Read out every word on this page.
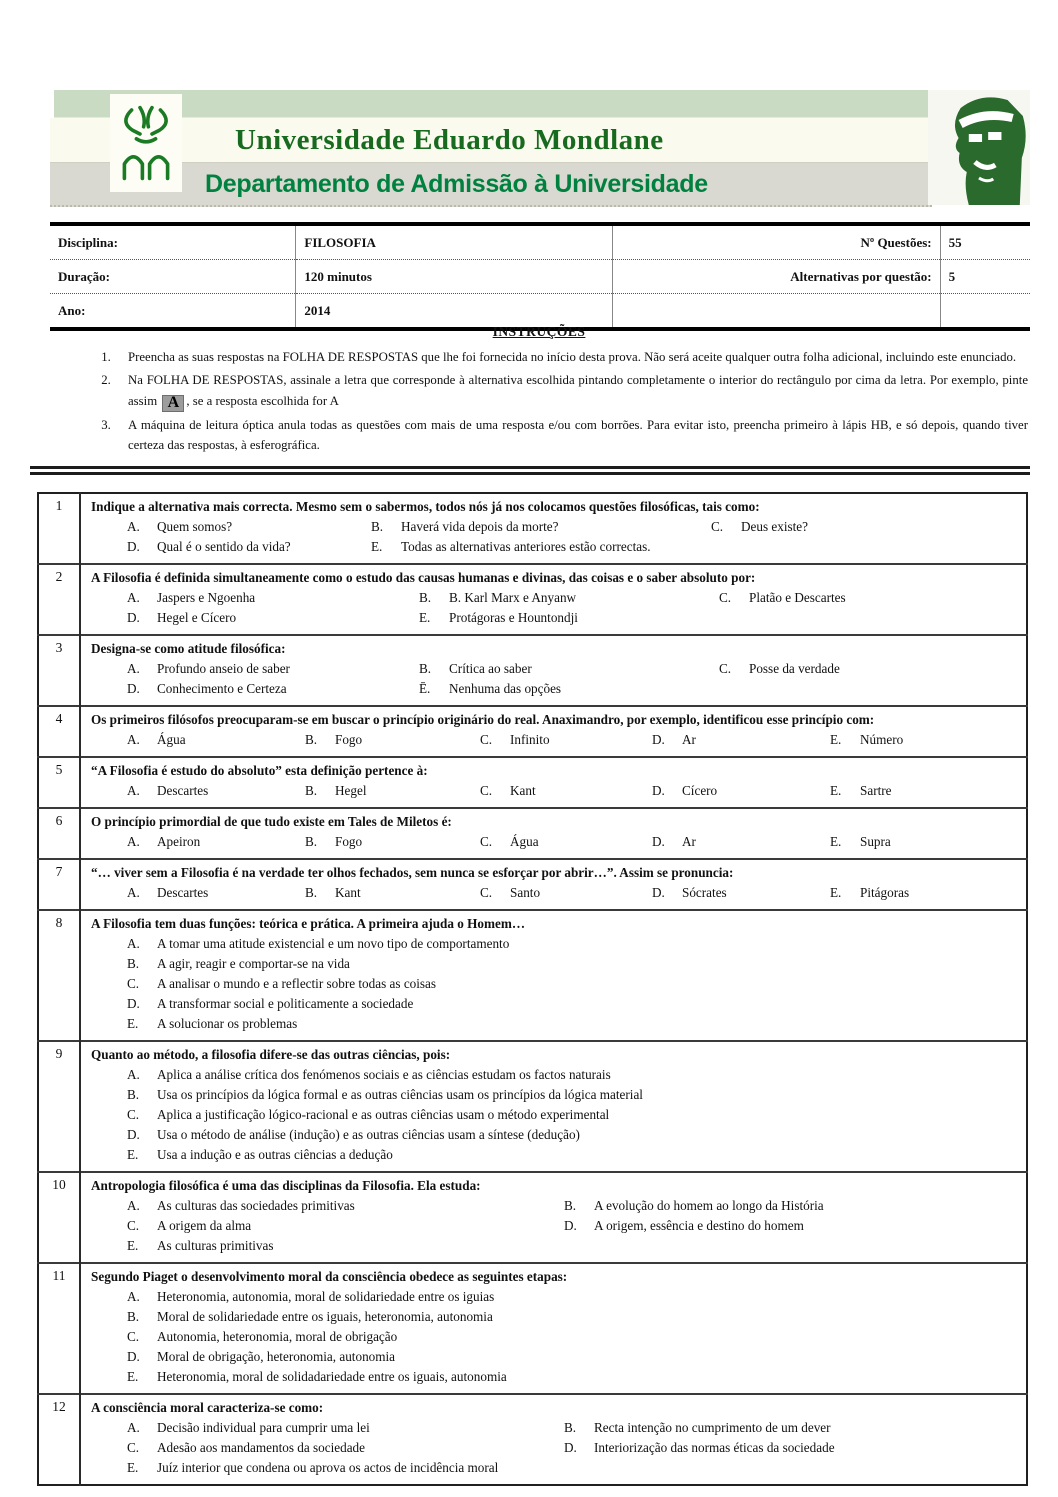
Universidade Eduardo Mondlane
Departamento de Admissão à Universidade
Disciplina:	FILOSOFIA	Nº Questões:	55
Duração:	120 minutos	Alternativas por questão:	5
Ano:	2014		
INSTRUÇÕES
1. Preencha as suas respostas na FOLHA DE RESPOSTAS que lhe foi fornecida no início desta prova. Não será aceite qualquer outra folha adicional, incluindo este enunciado.
2. Na FOLHA DE RESPOSTAS, assinale a letra que corresponde à alternativa escolhida pintando completamente o interior do rectângulo por cima da letra. Por exemplo, pinte assim A , se a resposta escolhida for A
3. A máquina de leitura óptica anula todas as questões com mais de uma resposta e/ou com borrões. Para evitar isto, preencha primeiro à lápis HB, e só depois, quando tiver certeza das respostas, à esferográfica.
1	Indique a alternativa mais correcta. Mesmo sem o sabermos, todos nós já nos colocamos questões filosóficas, tais como:
A. Quem somos?	B. Haverá vida depois da morte?	C. Deus existe?
D. Qual é o sentido da vida?	E. Todas as alternativas anteriores estão correctas.

2	A Filosofia é definida simultaneamente como o estudo das causas humanas e divinas, das coisas e o saber absoluto por:
A. Jaspers e Ngoenha	B. B. Karl Marx e Anyanw	C. Platão e Descartes
D. Hegel e Cícero	E. Protágoras e Hountondji

3	Designa-se como atitude filosófica:
A. Profundo anseio de saber	B. Crítica ao saber	C. Posse da verdade
D. Conhecimento e Certeza	Ē. Nenhuma das opções

4	Os primeiros filósofos preocuparam-se em buscar o princípio originário do real. Anaximandro, por exemplo, identificou esse princípio com:
A. Água	B. Fogo	C. Infinito	D. Ar	E. Número

5	“A Filosofia é estudo do absoluto” esta definição pertence à:
A. Descartes	B. Hegel	C. Kant	D. Cícero	E. Sartre

6	O princípio primordial de que tudo existe em Tales de Miletos é:
A. Apeiron	B. Fogo	C. Água	D. Ar	E. Supra

7	“… viver sem a Filosofia é na verdade ter olhos fechados, sem nunca se esforçar por abrir…”. Assim se pronuncia:
A. Descartes	B. Kant	C. Santo	D. Sócrates	E. Pitágoras

8	A Filosofia tem duas funções: teórica e prática. A primeira ajuda o Homem…
A. A tomar uma atitude existencial e um novo tipo de comportamento
B. A agir, reagir e comportar-se na vida
C. A analisar o mundo e a reflectir sobre todas as coisas
D. A transformar social e politicamente a sociedade
E. A solucionar os problemas

9	Quanto ao método, a filosofia difere-se das outras ciências, pois:
A. Aplica a análise crítica dos fenómenos sociais e as ciências estudam os factos naturais
B. Usa os princípios da lógica formal e as outras ciências usam os princípios da lógica material
C. Aplica a justificação lógico-racional e as outras ciências usam o método experimental
D. Usa o método de análise (indução) e as outras ciências usam a síntese (dedução)
E. Usa a indução e as outras ciências a dedução

10	Antropologia filosófica é uma das disciplinas da Filosofia. Ela estuda:
A. As culturas das sociedades primitivas	B. A evolução do homem ao longo da História
C. A origem da alma	D. A origem, essência e destino do homem
E. As culturas primitivas

11	Segundo Piaget o desenvolvimento moral da consciência obedece as seguintes etapas:
A. Heteronomia, autonomia, moral de solidariedade entre os iguias
B. Moral de solidariedade entre os iguais, heteronomia, autonomia
C. Autonomia, heteronomia, moral de obrigação
D. Moral de obrigação, heteronomia, autonomia
E. Heteronomia, moral de solidadariedade entre os iguais, autonomia

12	A consciência moral caracteriza-se como:
A. Decisão individual para cumprir uma lei	B. Recta intenção no cumprimento de um dever
C. Adesão aos mandamentos da sociedade	D. Interiorização das normas éticas da sociedade
E. Juíz interior que condena ou aprova os actos de incidência moral
